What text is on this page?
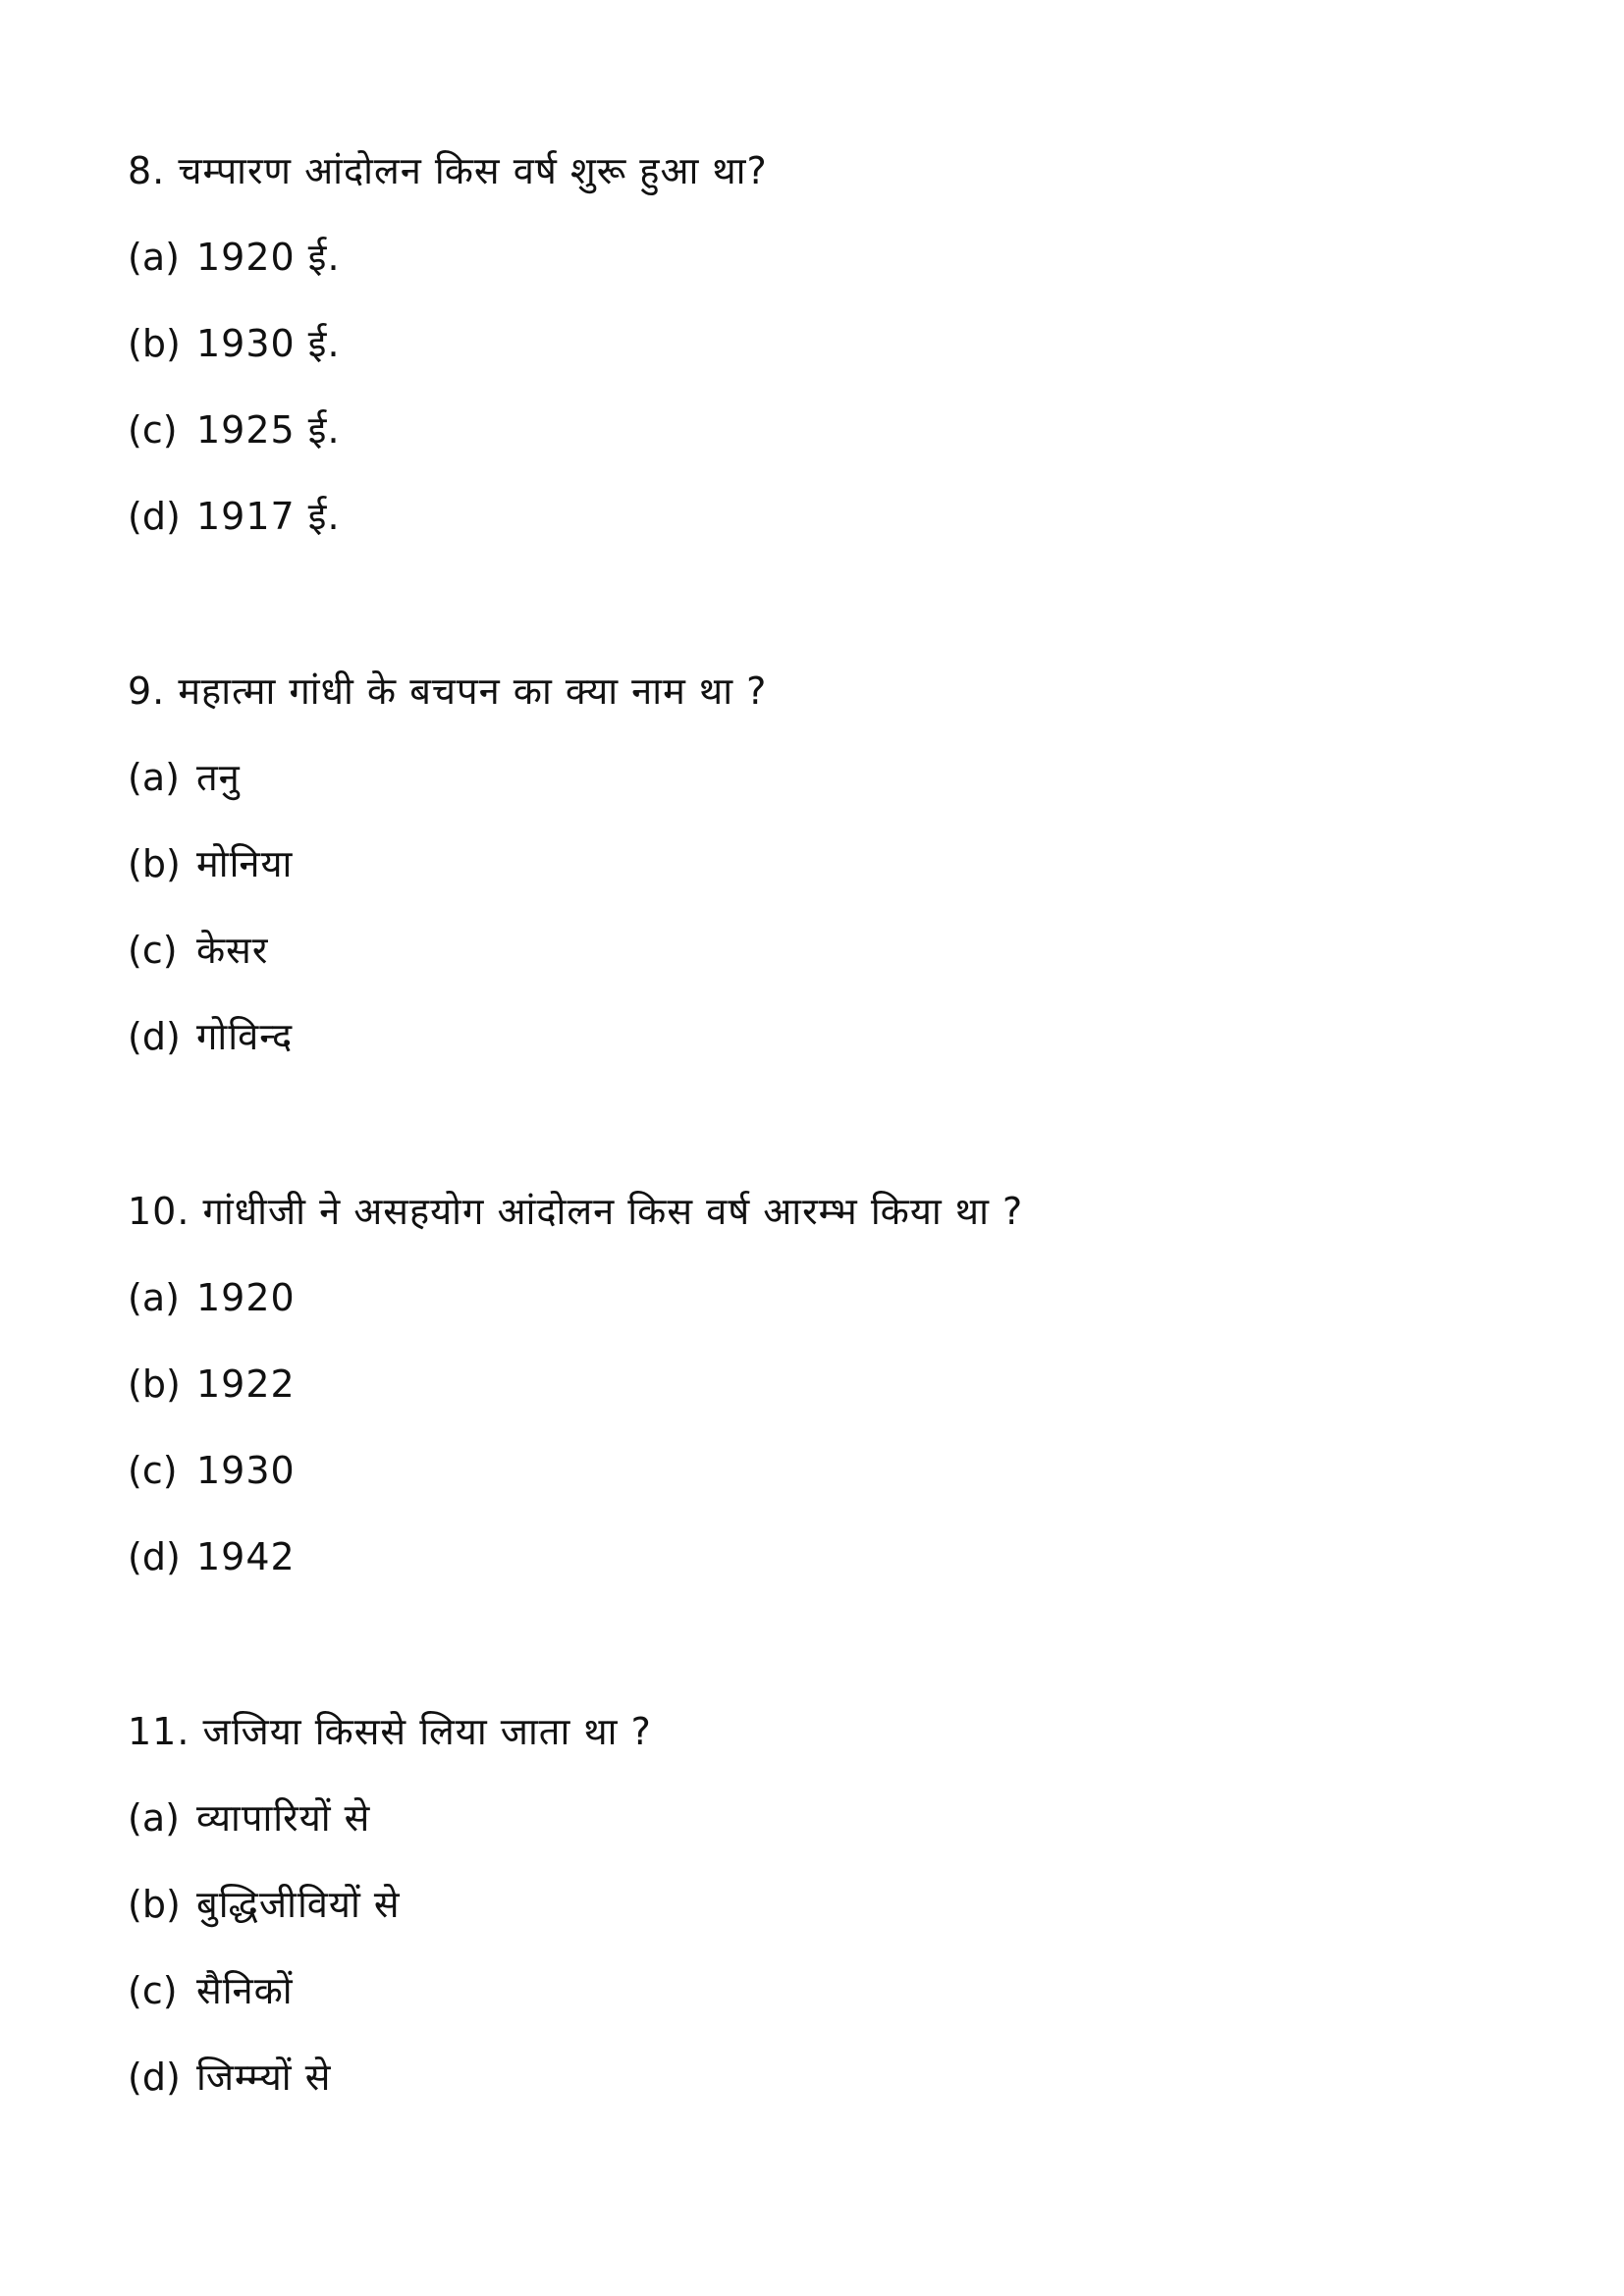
8. चम्पारण आंदोलन किस वर्ष शुरू हुआ था?
(a) 1920 ई.
(b) 1930 ई.
(c) 1925 ई.
(d) 1917 ई.
9. महात्मा गांधी के बचपन का क्या नाम था ?
(a) तनु
(b) मोनिया
(c) केसर
(d) गोविन्द
10. गांधीजी ने असहयोग आंदोलन किस वर्ष आरम्भ किया था ?
(a) 1920
(b) 1922
(c) 1930
(d) 1942
11. जजिया किससे लिया जाता था ?
(a) व्यापारियों से
(b) बुद्धिजीवियों से
(c) सैनिकों
(d) जिम्म्यों से
